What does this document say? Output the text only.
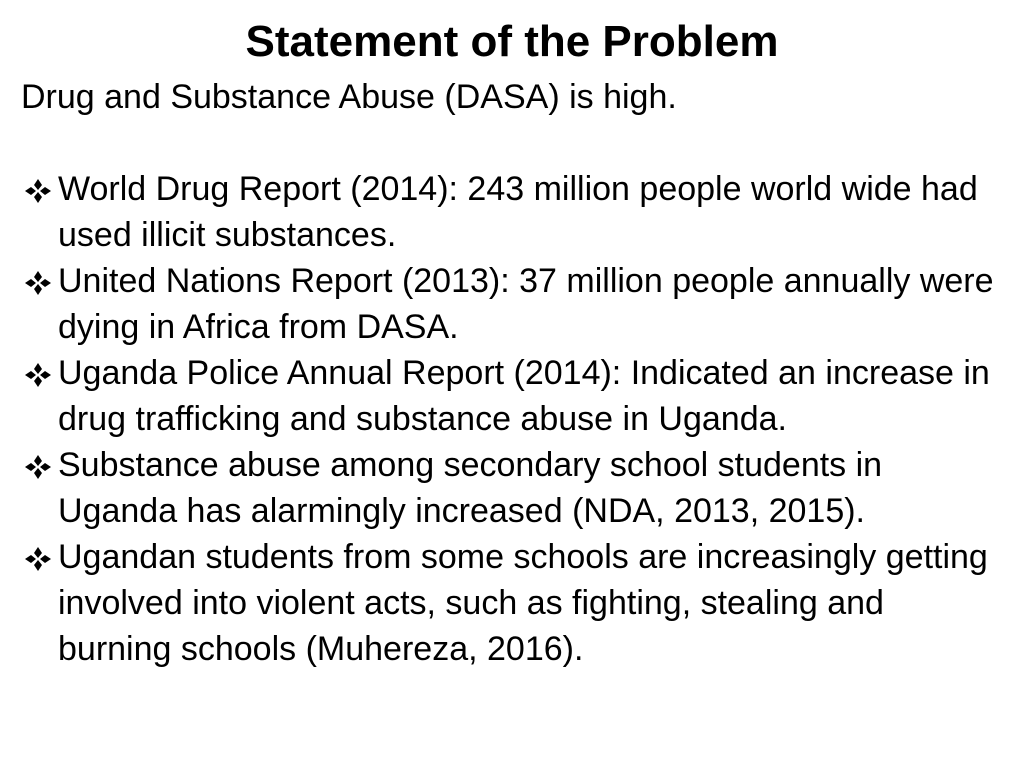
Statement of the Problem

Drug and Substance Abuse (DASA) is high.

World Drug Report (2014): 243 million people world wide had used illicit substances.
United Nations Report (2013): 37 million people annually were dying in Africa from DASA.
Uganda Police Annual Report (2014): Indicated an increase in drug trafficking and substance abuse in Uganda.
Substance abuse among secondary school students in Uganda has alarmingly increased (NDA, 2013, 2015).
Ugandan students from some schools are increasingly getting involved into violent acts, such as fighting, stealing and burning schools (Muhereza, 2016).
